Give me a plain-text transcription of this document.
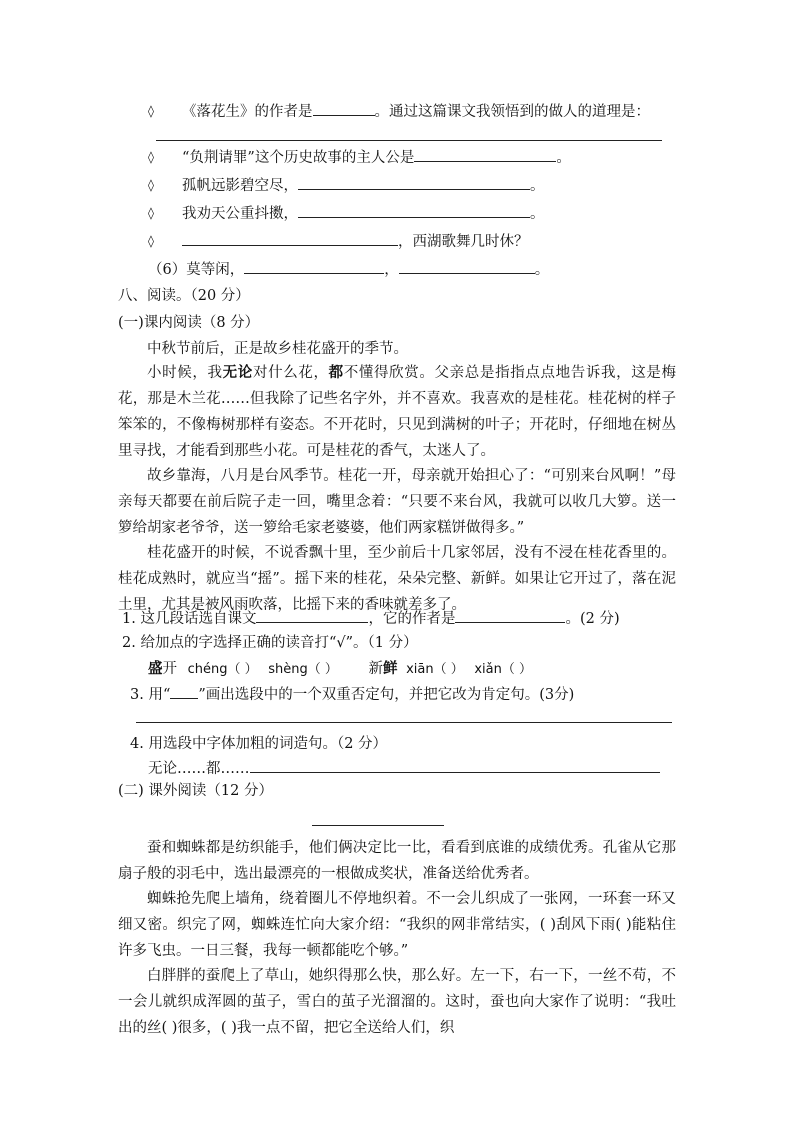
◊ 《落花生》的作者是	。通过这篇课文我领悟到的做人的道理是：
◊ “负荆请罪”这个历史故事的主人公是	。
◊ 孤帆远影碧空尽，	。
◊ 我劝天公重抖擞，	。
◊	，西湖歌舞几时休？
（6）莫等闲，	，	。
八、阅读。（20 分）
(一)课内阅读（8 分）
中秋节前后，正是故乡桂花盛开的季节。
小时候，我无论对什么花，都不懂得欣赏。父亲总是指指点点地告诉我，这是梅花，那是木兰花……但我除了记些名字外，并不喜欢。我喜欢的是桂花。桂花树的样子笨笨的，不像梅树那样有姿态。不开花时，只见到满树的叶子；开花时，仔细地在树丛里寻找，才能看到那些小花。可是桂花的香气，太迷人了。
故乡靠海，八月是台风季节。桂花一开，母亲就开始担心了：“可别来台风啊！”母亲每天都要在前后院子走一回，嘴里念着：“只要不来台风，我就可以收几大箩。送一箩给胡家老爷爷，送一箩给毛家老婆婆，他们两家糕饼做得多。”
桂花盛开的时候，不说香飘十里，至少前后十几家邻居，没有不浸在桂花香里的。桂花成熟时，就应当“摇”。摇下来的桂花，朵朵完整、新鲜。如果让它开过了，落在泥土里，尤其是被风雨吹落，比摇下来的香味就差多了。
1. 这几段话选自课文	，它的作者是	。(2 分)
2. 给加点的字选择正确的读音打“√”。（1 分）
盛开 chéng（ ） shèng（ ） 新鲜 xiān（ ） xiǎn（ ）
3. 用“ ”画出选段中的一个双重否定句，并把它改为肯定句。(3分)
4. 用选段中字体加粗的词造句。（2 分）
无论……都……
(二) 课外阅读（12 分）
蚕和蜘蛛都是纺织能手，他们俩决定比一比，看看到底谁的成绩优秀。孔雀从它那扇子般的羽毛中，选出最漂亮的一根做成奖状，准备送给优秀者。
蜘蛛抢先爬上墙角，绕着圈儿不停地织着。不一会儿织成了一张网，一环套一环又细又密。织完了网，蜘蛛连忙向大家介绍：“我织的网非常结实，( )刮风下雨( )能粘住许多飞虫。一日三餐，我每一顿都能吃个够。”
白胖胖的蚕爬上了草山，她织得那么快，那么好。左一下，右一下，一丝不苟，不一会儿就织成浑圆的茧子，雪白的茧子光溜溜的。这时，蚕也向大家作了说明：“我吐出的丝( )很多，( )我一点不留，把它全送给人们，织
